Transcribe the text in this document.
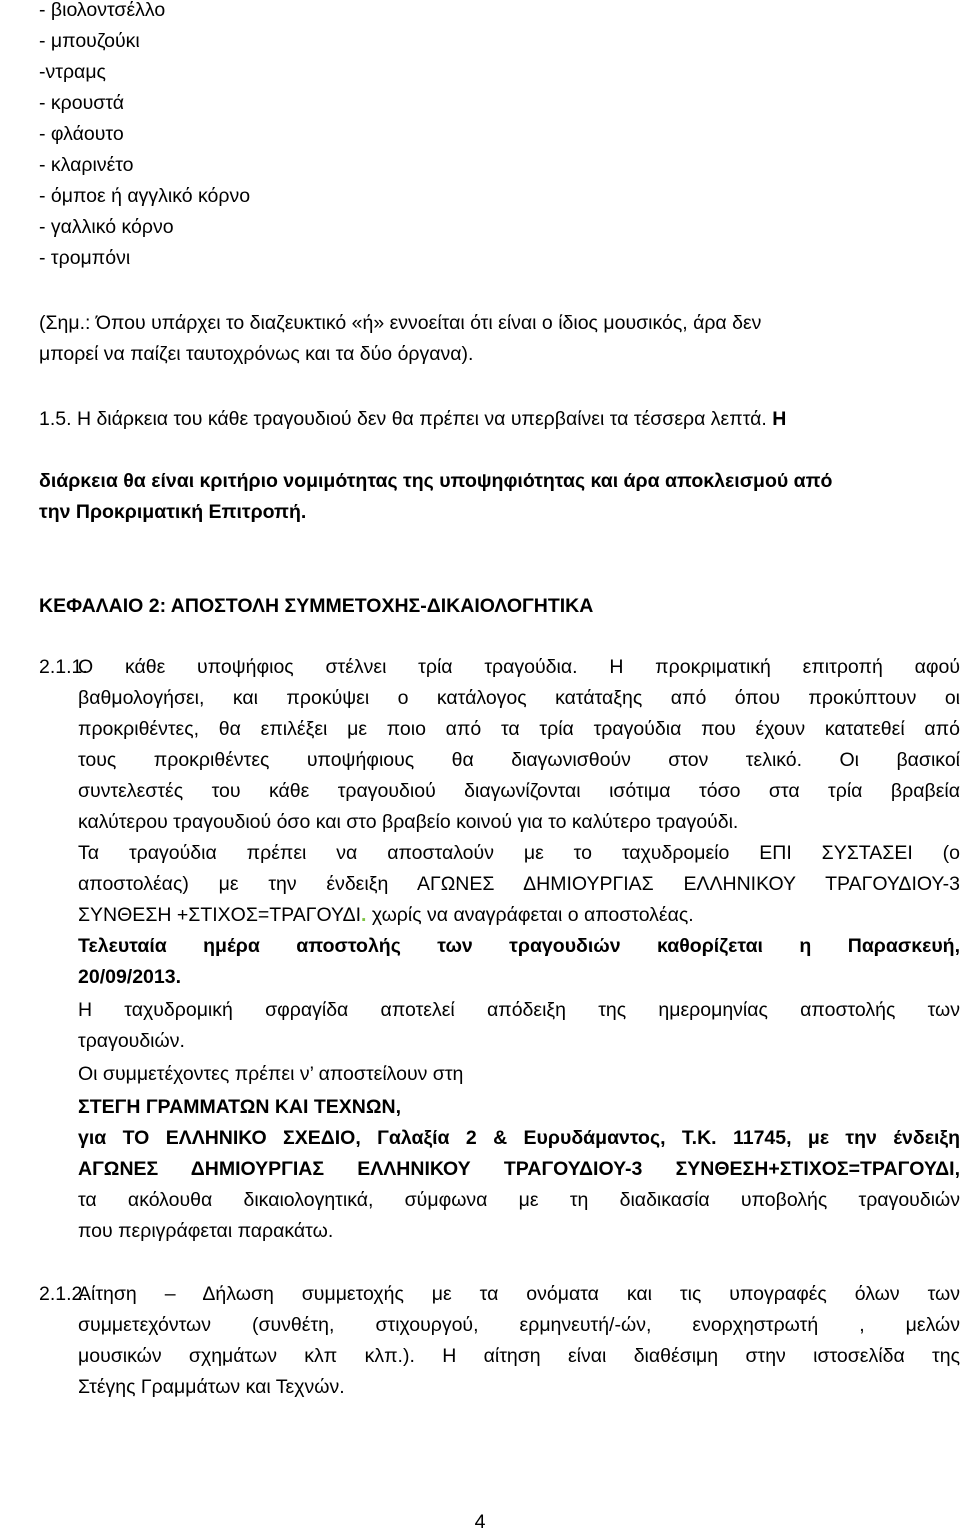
- βιολοντσέλλο
- μπουζούκι
-ντραμς
- κρουστά
- φλάουτο
- κλαρινέτο
- όμποε ή αγγλικό κόρνο
- γαλλικό κόρνο
- τρομπόνι
(Σημ.: Όπου υπάρχει το διαζευκτικό «ή» εννοείται ότι είναι ο ίδιος μουσικός, άρα δεν
μπορεί να παίζει ταυτοχρόνως και τα δύο όργανα).
1.5. Η διάρκεια του κάθε τραγουδιού δεν θα πρέπει να υπερβαίνει τα τέσσερα λεπτά. Η
διάρκεια θα είναι κριτήριο νομιμότητας της υποψηφιότητας και άρα αποκλεισμού από
την Προκριματική Επιτροπή.
ΚΕΦΑΛΑΙΟ 2: ΑΠΟΣΤΟΛΗ ΣΥΜΜΕΤΟΧΗΣ-ΔΙΚΑΙΟΛΟΓΗΤΙΚΑ
2.1.1.
Ο κάθε υποψήφιος στέλνει τρία τραγούδια. Η προκριματική επιτροπή αφού
βαθμολογήσει, και προκύψει ο κατάλογος κατάταξης από όπου προκύπτουν οι
προκριθέντες, θα επιλέξει με ποιο από τα τρία τραγούδια που έχουν κατατεθεί από
τους προκριθέντες υποψήφιους θα διαγωνισθούν στον τελικό. Οι βασικοί
συντελεστές του κάθε τραγουδιού διαγωνίζονται ισότιμα τόσο στα τρία βραβεία
καλύτερου τραγουδιού όσο και στο βραβείο κοινού για το καλύτερο τραγούδι.
Τα τραγούδια πρέπει να αποσταλούν με το ταχυδρομείο ΕΠΙ ΣΥΣΤΑΣΕΙ (ο
αποστολέας) με την ένδειξη ΑΓΩΝΕΣ ΔΗΜΙΟΥΡΓΙΑΣ ΕΛΛΗΝΙΚΟΥ ΤΡΑΓΟΥΔΙΟΥ-3
ΣΥΝΘΕΣΗ +ΣΤΙΧΟΣ=ΤΡΑΓΟΥΔΙ. χωρίς να αναγράφεται ο αποστολέας.
Τελευταία ημέρα αποστολής των τραγουδιών καθορίζεται η Παρασκευή,
20/09/2013.
Η ταχυδρομική σφραγίδα αποτελεί απόδειξη της ημερομηνίας αποστολής των
τραγουδιών.
Οι συμμετέχοντες πρέπει ν’ αποστείλουν στη
ΣΤΕΓΗ ΓΡΑΜΜΑΤΩΝ ΚΑΙ ΤΕΧΝΩΝ,
για ΤΟ ΕΛΛΗΝΙΚΟ ΣΧΕΔΙΟ, Γαλαξία 2 & Ευρυδάμαντος, Τ.Κ. 11745, με την ένδειξη
ΑΓΩΝΕΣ ΔΗΜΙΟΥΡΓΙΑΣ ΕΛΛΗΝΙΚΟΥ ΤΡΑΓΟΥΔΙΟΥ-3 ΣΥΝΘΕΣΗ+ΣΤΙΧΟΣ=ΤΡΑΓΟΥΔΙ,
τα ακόλουθα δικαιολογητικά, σύμφωνα με τη διαδικασία υποβολής τραγουδιών
που περιγράφεται παρακάτω.
2.1.2.
Αίτηση – Δήλωση συμμετοχής με τα ονόματα και τις υπογραφές όλων των
συμμετεχόντων (συνθέτη, στιχουργού, ερμηνευτή/-ών, ενορχηστρωτή , μελών
μουσικών σχημάτων κλπ κλπ.). Η αίτηση είναι διαθέσιμη στην ιστοσελίδα της
Στέγης Γραμμάτων και Τεχνών.
4
